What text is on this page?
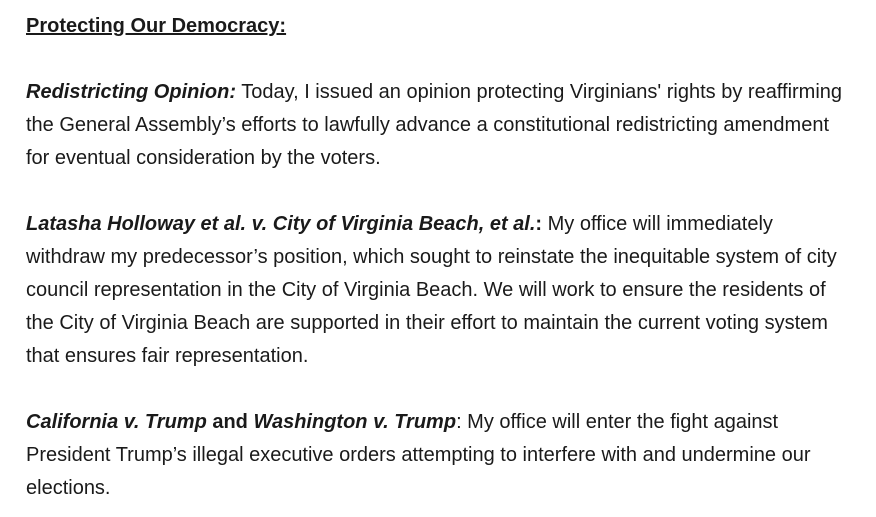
Protecting Our Democracy:

Redistricting Opinion: Today, I issued an opinion protecting Virginians' rights by reaffirming the General Assembly’s efforts to lawfully advance a constitutional redistricting amendment for eventual consideration by the voters.

Latasha Holloway et al. v. City of Virginia Beach, et al.: My office will immediately withdraw my predecessor’s position, which sought to reinstate the inequitable system of city council representation in the City of Virginia Beach. We will work to ensure the residents of the City of Virginia Beach are supported in their effort to maintain the current voting system that ensures fair representation.

California v. Trump and Washington v. Trump: My office will enter the fight against President Trump’s illegal executive orders attempting to interfere with and undermine our elections.
